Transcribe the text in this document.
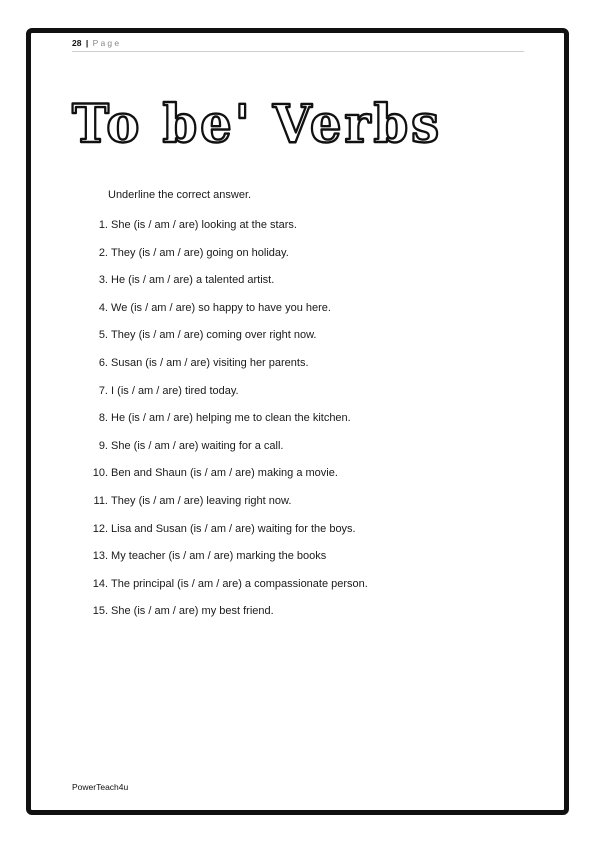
28 | Page
To be' Verbs
Underline the correct answer.
1. She (is / am / are) looking at the stars.
2. They (is / am / are) going on holiday.
3. He (is / am / are) a talented artist.
4. We (is / am / are) so happy to have you here.
5. They (is / am / are) coming over right now.
6. Susan (is / am / are) visiting her parents.
7. I (is / am / are) tired today.
8. He (is / am / are) helping me to clean the kitchen.
9. She (is / am / are) waiting for a call.
10. Ben and Shaun (is / am / are) making a movie.
11. They (is / am / are) leaving right now.
12. Lisa and Susan (is / am / are) waiting for the boys.
13. My teacher (is / am / are) marking the books
14. The principal (is / am / are) a compassionate person.
15. She (is / am / are) my best friend.
PowerTeach4u
